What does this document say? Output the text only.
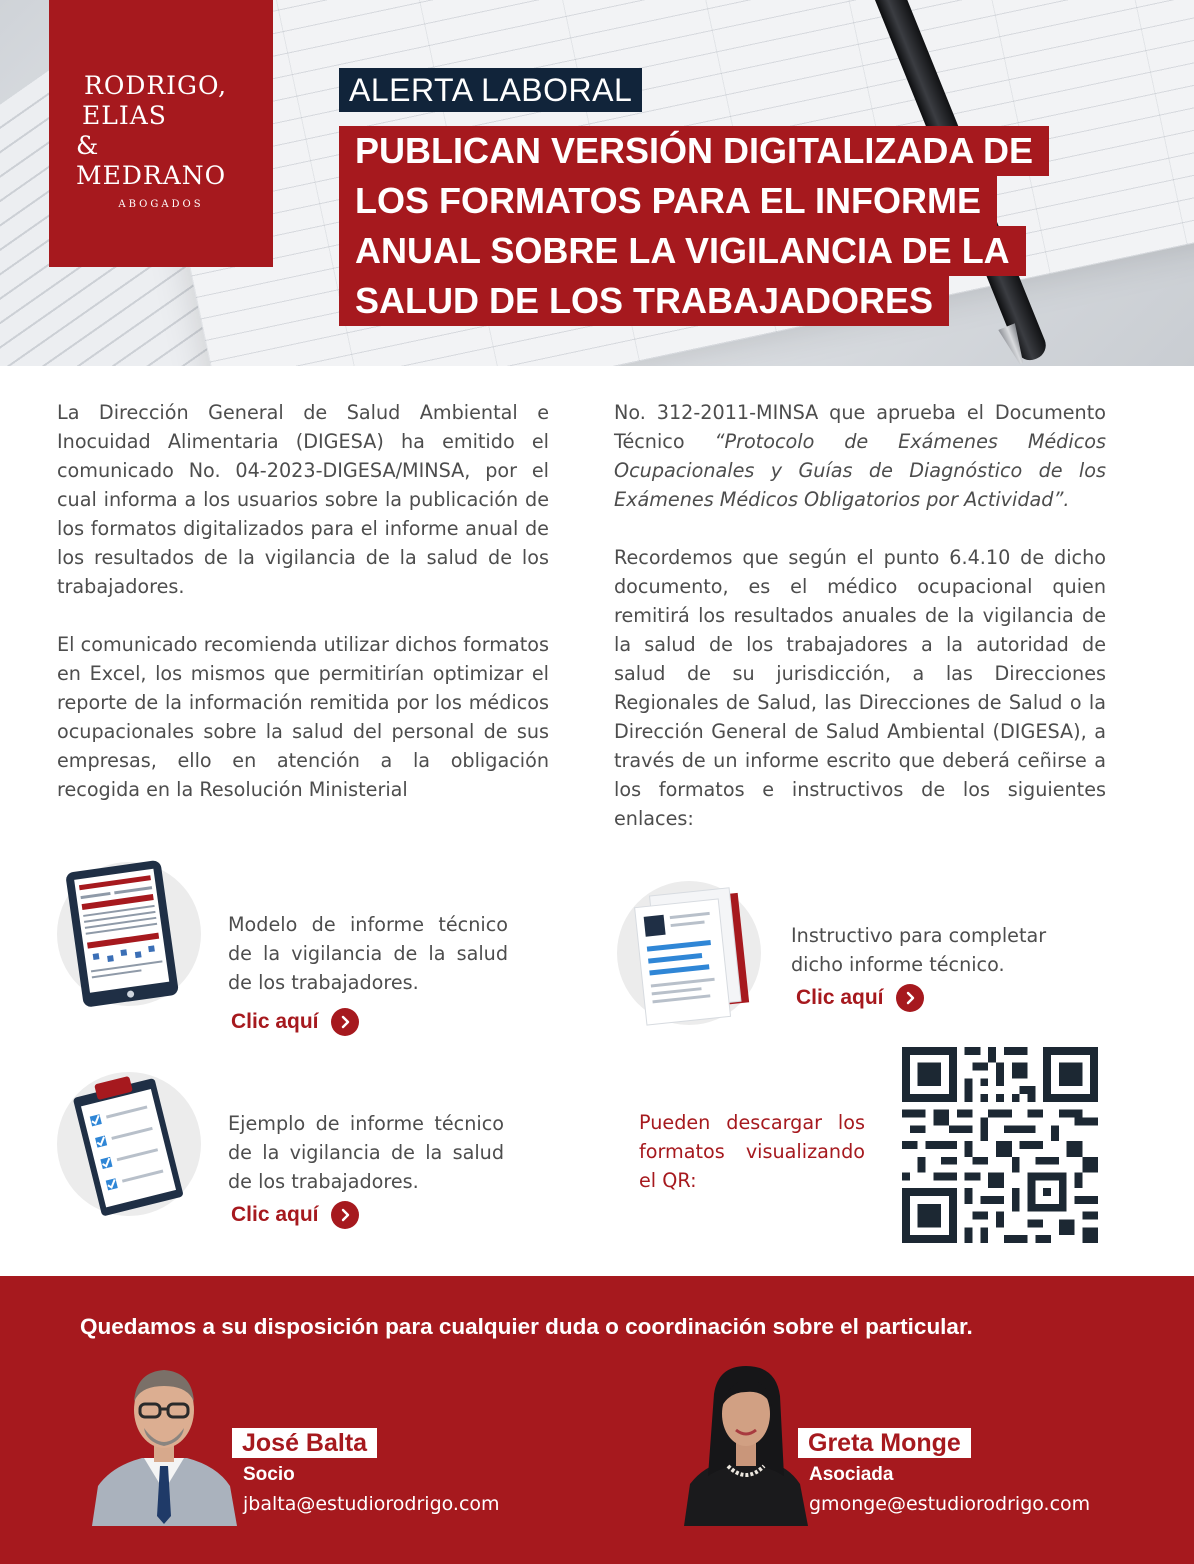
RODRIGO,
ELIAS
& MEDRANO
ABOGADOS
ALERTA LABORAL
PUBLICAN VERSIÓN DIGITALIZADA DE
LOS FORMATOS PARA EL INFORME
ANUAL SOBRE LA VIGILANCIA DE LA
SALUD DE LOS TRABAJADORES

La Dirección General de Salud Ambiental e Inocuidad Alimentaria (DIGESA) ha emitido el comunicado No. 04-2023-DIGESA/MINSA, por el cual informa a los usuarios sobre la publicación de los formatos digitalizados para el informe anual de los resultados de la vigilancia de la salud de los trabajadores.

El comunicado recomienda utilizar dichos formatos en Excel, los mismos que permitirían optimizar el reporte de la información remitida por los médicos ocupacionales sobre la salud del personal de sus empresas, ello en atención a la obligación recogida en la Resolución Ministerial

No. 312-2011-MINSA que aprueba el Documento Técnico “Protocolo de Exámenes Médicos Ocupacionales y Guías de Diagnóstico de los Exámenes Médicos Obligatorios por Actividad”.

Recordemos que según el punto 6.4.10 de dicho documento, es el médico ocupacional quien remitirá los resultados anuales de la vigilancia de la salud de los trabajadores a la autoridad de salud de su jurisdicción, a las Direcciones Regionales de Salud, las Direcciones de Salud o la Dirección General de Salud Ambiental (DIGESA), a través de un informe escrito que deberá ceñirse a los formatos e instructivos de los siguientes enlaces:

Modelo de informe técnico de la vigilancia de la salud de los trabajadores.
Clic aquí
Instructivo para completar dicho informe técnico.
Clic aquí
Ejemplo de informe técnico de la vigilancia de la salud de los trabajadores.
Clic aquí
Pueden descargar los formatos visualizando el QR:
Quedamos a su disposición para cualquier duda o coordinación sobre el particular.
José Balta
Socio
jbalta@estudiorodrigo.com
Greta Monge
Asociada
gmonge@estudiorodrigo.com
